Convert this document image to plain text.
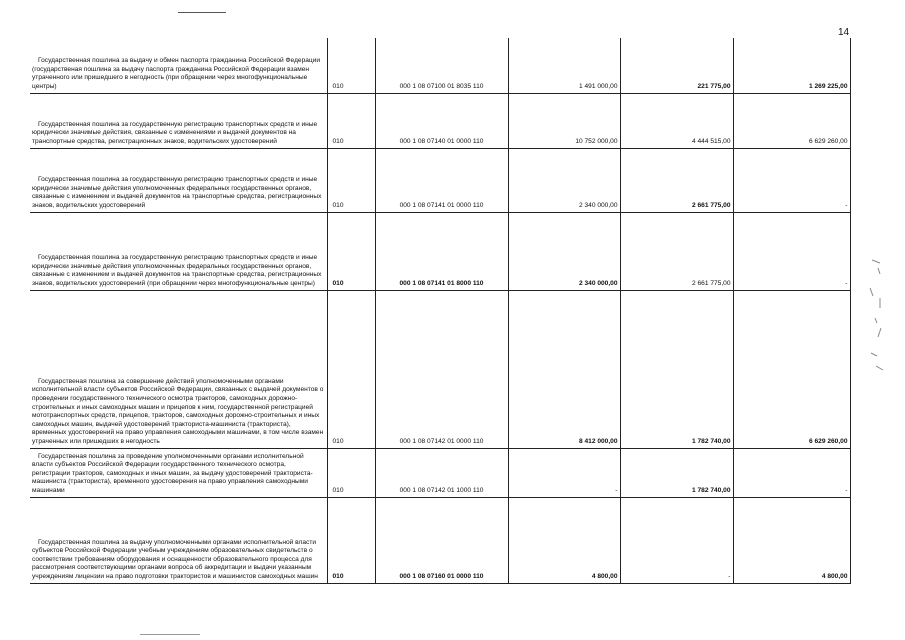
14
Государственная пошлина за выдачу и обмен паспорта гражданина Российской Федерации (государственая пошлина за выдачу паспорта гражданина Российской Федерации взамен утраченного или пришедшего в негодность (при обращении через многофункциональные центры)	010	000 1 08 07100 01 8035 110	1 491 000,00	221 775,00	1 269 225,00
Государственная пошлина за государственную регистрацию транспортных средств и иные юридически значимые действия, связанные с изменениями и выдачей документов на транспортные средства, регистрационных знаков, водительских удостоверений	010	000 1 08 07140 01 0000 110	10 752 000,00	4 444 515,00	6 629 260,00
Государственная пошлина за государственную регистрацию транспортных средств и иные юридически значимые действия уполномоченных федеральных государственных органов, связанные с изменением и выдачей документов на транспортные средства, регистрационных знаков, водительских удостоверений	010	000 1 08 07141 01 0000 110	2 340 000,00	2 661 775,00	-
Государственная пошлина за государственную регистрацию транспортных средств и иные юридически значимые действия уполномоченных федеральных государственных органов, связанные с изменением и выдачей документов на транспортные средства, регистрационных знаков, водительских удостоверений (при обращении через многофункциональные центры)	010	000 1 08 07141 01 8000 110	2 340 000,00	2 661 775,00	-
Государственая пошлина за совершение действий уполномоченными органами исполнительной власти субъектов Российской Федерации, связанных с выдачей документов о проведении государственного технического осмотра тракторов, самоходных дорожно-строительных и иных самоходных машин и прицепов к ним, государственной регистрацией мототранспортных средств, прицепов, тракторов, самоходных дорожно-строительных и иных самоходных машин, выдачей удостоверений тракториста-машиниста (тракториста), временных удостоверений на право управления самоходными машинами, в том числе взамен утраченных или пришедших в негодность	010	000 1 08 07142 01 0000 110	8 412 000,00	1 782 740,00	6 629 260,00
Государственая пошлина за проведение уполномоченными органами исполнительной власти субъектов Российской Федерации государственного технического осмотра, регистрации тракторов, самоходных и иных машин, за выдачу удостоверений тракториста-машиниста (тракториста), временного удостоверения на право управления самоходными машинами	010	000 1 08 07142 01 1000 110	-	1 782 740,00	-
Государственная пошлина за выдачу уполномоченными органами исполнительной власти субъектов Российской Федерации учебным учреждениям образовательных свидетельств о соответствии требованиям оборудования и оснащенности образовательного процесса для рассмотрения соответствующими органами вопроса об аккредитации и выдачи указанным учреждениям лицензии на право подготовки трактористов и машинистов самоходных машин	010	000 1 08 07160 01 0000 110	4 800,00	-	4 800,00
